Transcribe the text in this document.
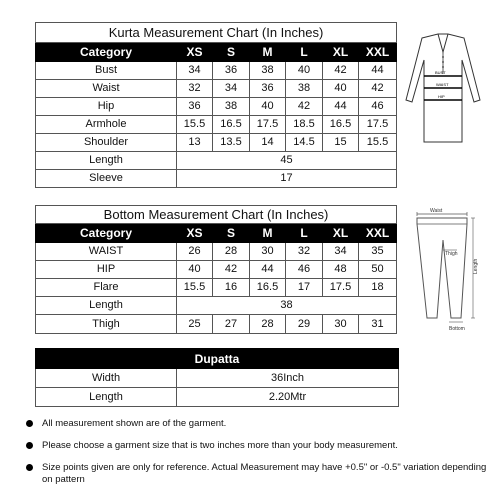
Kurta Measurement Chart (In Inches)						
Category	XS	S	M	L	XL	XXL
Bust	34	36	38	40	42	44
Waist	32	34	36	38	40	42
Hip	36	38	40	42	44	46
Armhole	15.5	16.5	17.5	18.5	16.5	17.5
Shoulder	13	13.5	14	14.5	15	15.5
Length	45					
Sleeve	17					
BUST
WAIST
HIP
Bottom Measurement Chart (In Inches)						
Category	XS	S	M	L	XL	XXL
WAIST	26	28	30	32	34	35
HIP	40	42	44	46	48	50
Flare	15.5	16	16.5	17	17.5	18
Length	38					
Thigh	25	27	28	29	30	31
Waist
Thigh
Length
Bottom
Dupatta	
Width	36Inch
Length	2.20Mtr
All measurement shown are of the garment.
Please choose a garment size that is two inches more than your body measurement.
Size points given are only for reference. Actual Measurement may have +0.5" or -0.5" variation depending on pattern
